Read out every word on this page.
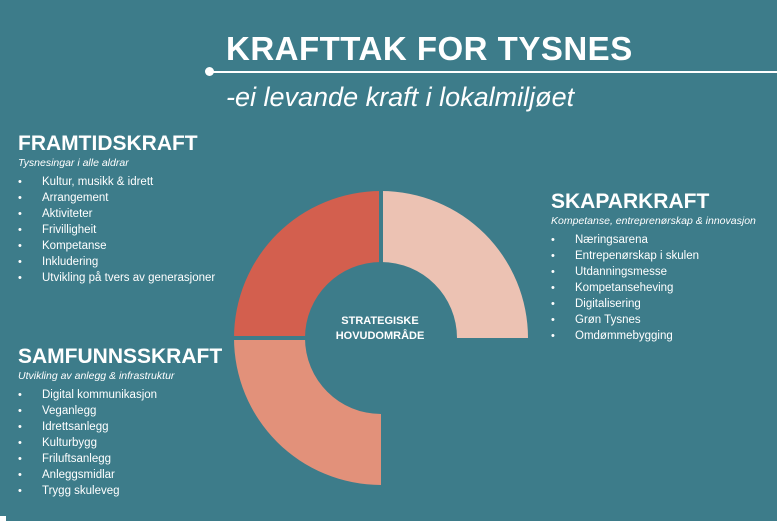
KRAFTTAK FOR TYSNES
-ei levande kraft i lokalmiljøet
STRATEGISKE
HOVUDOMRÅDE
FRAMTIDSKRAFT
Tysnesingar i alle aldrar
• Kultur, musikk & idrett
• Arrangement
• Aktiviteter
• Frivilligheit
• Kompetanse
• Inkludering
• Utvikling på tvers av generasjoner
SKAPARKRAFT
Kompetanse, entreprenørskap & innovasjon
• Næringsarena
• Entrepenørskap i skulen
• Utdanningsmesse
• Kompetanseheving
• Digitalisering
• Grøn Tysnes
• Omdømmebygging
SAMFUNNSSKRAFT
Utvikling av anlegg & infrastruktur
• Digital kommunikasjon
• Veganlegg
• Idrettsanlegg
• Kulturbygg
• Friluftsanlegg
• Anleggsmidlar
• Trygg skuleveg
